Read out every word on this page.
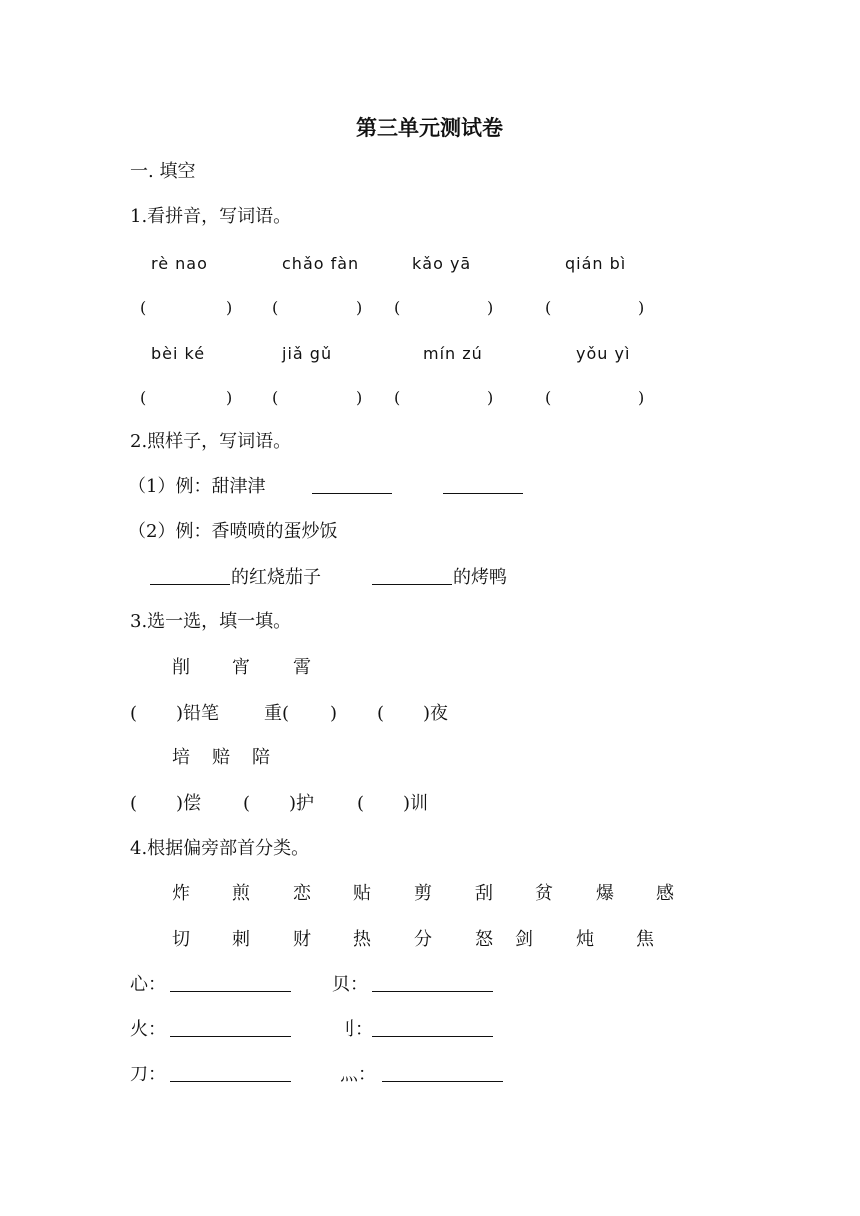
第三单元测试卷
一. 填空
1.看拼音，写词语。
rè nao	chǎo fàn	kǎo yā	qián bì
(	) (	) (	)	(	)
bèi ké	jiǎ gǔ	mín zú	yǒu yì
(	) (	) (	)	(	)
2.照样子，写词语。
（1）例：甜津津
（2）例：香喷喷的蛋炒饭
的红烧茄子	的烤鸭
3.选一选，填一填。
削 宵 霄
( )铅笔 重( ) ( )夜
培 赔 陪
( )偿 ( )护 ( )训
4.根据偏旁部首分类。
炸 煎 恋 贴 剪 刮 贫 爆 感
切 刺 财 热 分 怒 剑 炖 焦
心：	贝：
火：	刂：
刀：	灬：
